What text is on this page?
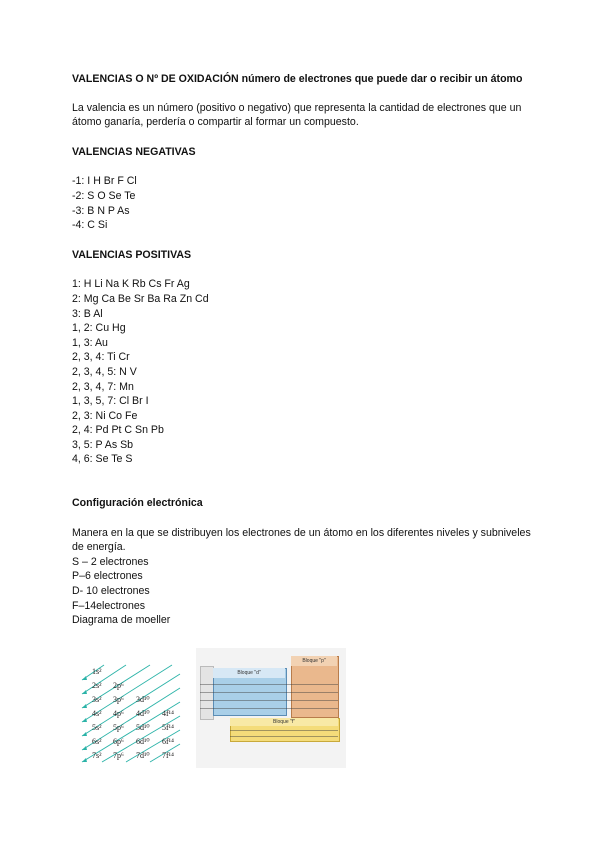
VALENCIAS O Nº DE OXIDACIÓN número de electrones que puede dar o recibir un átomo

La valencia es un número (positivo o negativo) que representa la cantidad de electrones que un átomo ganaría, perdería o compartir al formar un compuesto.

VALENCIAS NEGATIVAS

-1: I H Br F Cl
-2: S O Se Te
-3: B N P As
-4: C Si

VALENCIAS POSITIVAS

1: H Li Na K Rb Cs Fr Ag
2: Mg Ca Be Sr Ba Ra Zn Cd
3: B Al
1, 2: Cu Hg
1, 3: Au
2, 3, 4: Ti Cr
2, 3, 4, 5: N V
2, 3, 4, 7: Mn
1, 3, 5, 7: Cl Br I
2, 3: Ni Co Fe
2, 4: Pd Pt C Sn Pb
3, 5: P As Sb
4, 6: Se Te S

Configuración electrónica

Manera en la que se distribuyen los electrones de un átomo en los diferentes niveles y subniveles de energía.

S – 2 electrones
P–6 electrones
D- 10 electrones
F–14electrones
Diagrama de moeller
1s²
2s² 2p⁶
3s² 3p⁶ 3d¹⁰
4s² 4p⁶ 4d¹⁰ 4f¹⁴
5s² 5p⁶ 5d¹⁰ 5f¹⁴
6s² 6p⁶ 6d¹⁰ 6f¹⁴
7s² 7p⁶ 7d¹⁰ 7f¹⁴
Bloque "d"
Bloque "p"
Bloque "f"
